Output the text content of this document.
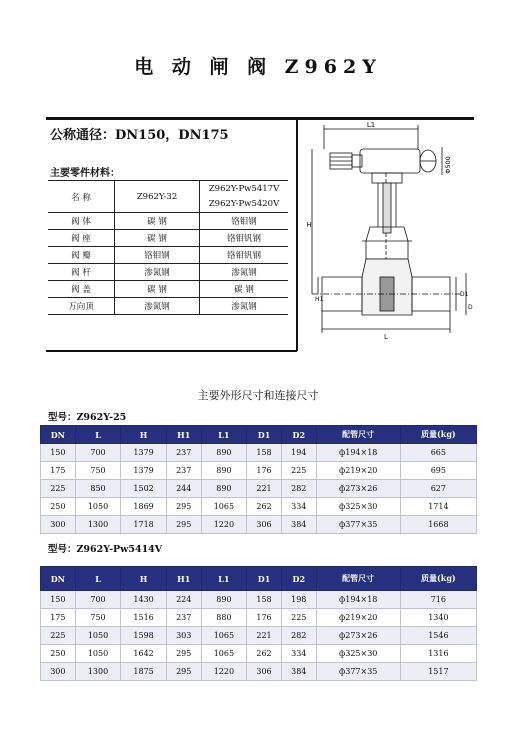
电 动 闸 阀 Z962Y
公称通径：DN150，DN175
主要零件材料：
名 称	Z962Y-32	Z962Y-Pw5417V
Z962Y-Pw5420V

阀 体	碳 钢	铬钼钢
阀 座	碳 钢	铬钼钒钢
阀 瓣	铬钼钢	铬钼钒钢
阀 杆	渗氮钢	渗氮钢
阀 盖	碳 钢	碳 钢
万向顶	渗氮钢	渗氮钢
L1
Φ500
H
H1
D1
D
L
主要外形尺寸和连接尺寸
型号：Z962Y-25
DN	L	H	H1	L1	D1	D2	配管尺寸	质量(kg)
150	700	1379	237	890	158	194	ф194×18	665
175	750	1379	237	890	176	225	ф219×20	695
225	850	1502	244	890	221	282	ф273×26	627
250	1050	1869	295	1065	262	334	ф325×30	1714
300	1300	1718	295	1220	306	384	ф377×35	1668
型号：Z962Y-Pw5414V
DN	L	H	H1	L1	D1	D2	配管尺寸	质量(kg)
150	700	1430	224	890	158	198	ф194×18	716
175	750	1516	237	880	176	225	ф219×20	1340
225	1050	1598	303	1065	221	282	ф273×26	1546
250	1050	1642	295	1065	262	334	ф325×30	1316
300	1300	1875	295	1220	306	384	ф377×35	1517
